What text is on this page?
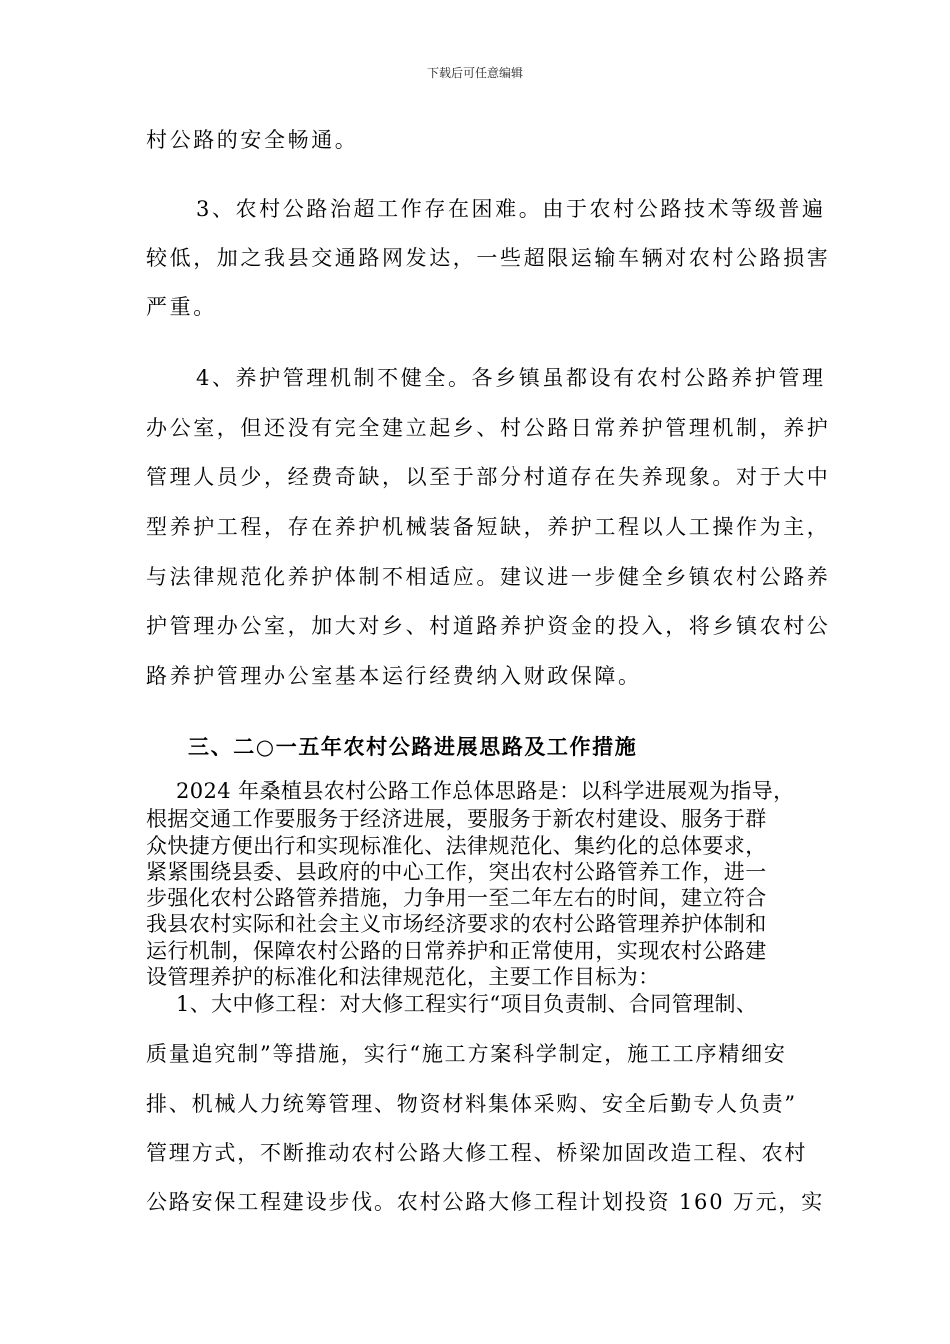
下载后可任意编辑
村公路的安全畅通。
3、农村公路治超工作存在困难。由于农村公路技术等级普遍
较低，加之我县交通路网发达，一些超限运输车辆对农村公路损害
严重。
4、养护管理机制不健全。各乡镇虽都设有农村公路养护管理
办公室，但还没有完全建立起乡、村公路日常养护管理机制，养护
管理人员少，经费奇缺，以至于部分村道存在失养现象。对于大中
型养护工程，存在养护机械装备短缺，养护工程以人工操作为主，
与法律规范化养护体制不相适应。建议进一步健全乡镇农村公路养
护管理办公室，加大对乡、村道路养护资金的投入，将乡镇农村公
路养护管理办公室基本运行经费纳入财政保障。
三、二○一五年农村公路进展思路及工作措施
2024 年桑植县农村公路工作总体思路是：以科学进展观为指导，
根据交通工作要服务于经济进展，要服务于新农村建设、服务于群
众快捷方便出行和实现标准化、法律规范化、集约化的总体要求，
紧紧围绕县委、县政府的中心工作，突出农村公路管养工作，进一
步强化农村公路管养措施，力争用一至二年左右的时间，建立符合
我县农村实际和社会主义市场经济要求的农村公路管理养护体制和
运行机制，保障农村公路的日常养护和正常使用，实现农村公路建
设管理养护的标准化和法律规范化，主要工作目标为：
1、大中修工程：对大修工程实行“项目负责制、合同管理制、
质量追究制”等措施，实行“施工方案科学制定，施工工序精细安
排、机械人力统筹管理、物资材料集体采购、安全后勤专人负责”
管理方式，不断推动农村公路大修工程、桥梁加固改造工程、农村
公路安保工程建设步伐。农村公路大修工程计划投资 160 万元，实
